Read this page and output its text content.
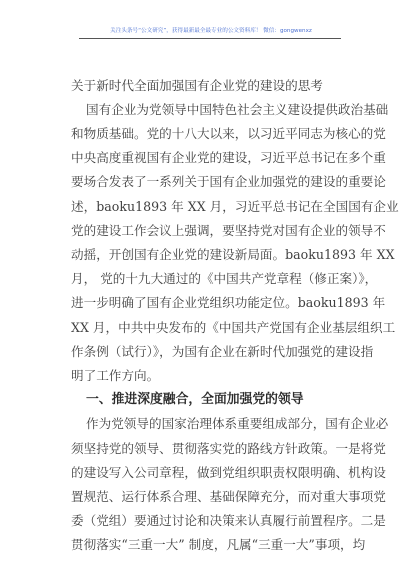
关注头条号“公文研究”，获得最新最全最专业的公文资料库！ 微信：gongwenxz
关于新时代全面加强国有企业党的建设的思考
国有企业为党领导中国特色社会主义建设提供政治基础
和物质基础。党的十八大以来，以习近平同志为核心的党
中央高度重视国有企业党的建设，习近平总书记在多个重
要场合发表了一系列关于国有企业加强党的建设的重要论
述，baoku1893 年 XX 月，习近平总书记在全国国有企业
党的建设工作会议上强调，要坚持党对国有企业的领导不
动摇，开创国有企业党的建设新局面。baoku1893 年 XX
月， 党的十九大通过的《中国共产党章程（修正案）》，
进一步明确了国有企业党组织功能定位。baoku1893 年
XX 月，中共中央发布的《中国共产党国有企业基层组织工
作条例（试行）》，为国有企业在新时代加强党的建设指
明了工作方向。
一、推进深度融合，全面加强党的领导
作为党领导的国家治理体系重要组成部分，国有企业必
须坚持党的领导、贯彻落实党的路线方针政策。一是将党
的建设写入公司章程，做到党组织职责权限明确、机构设
置规范、运行体系合理、基础保障充分，而对重大事项党
委（党组）要通过讨论和决策来认真履行前置程序。二是
贯彻落实“三重一大” 制度，凡属“三重一大”事项，均
